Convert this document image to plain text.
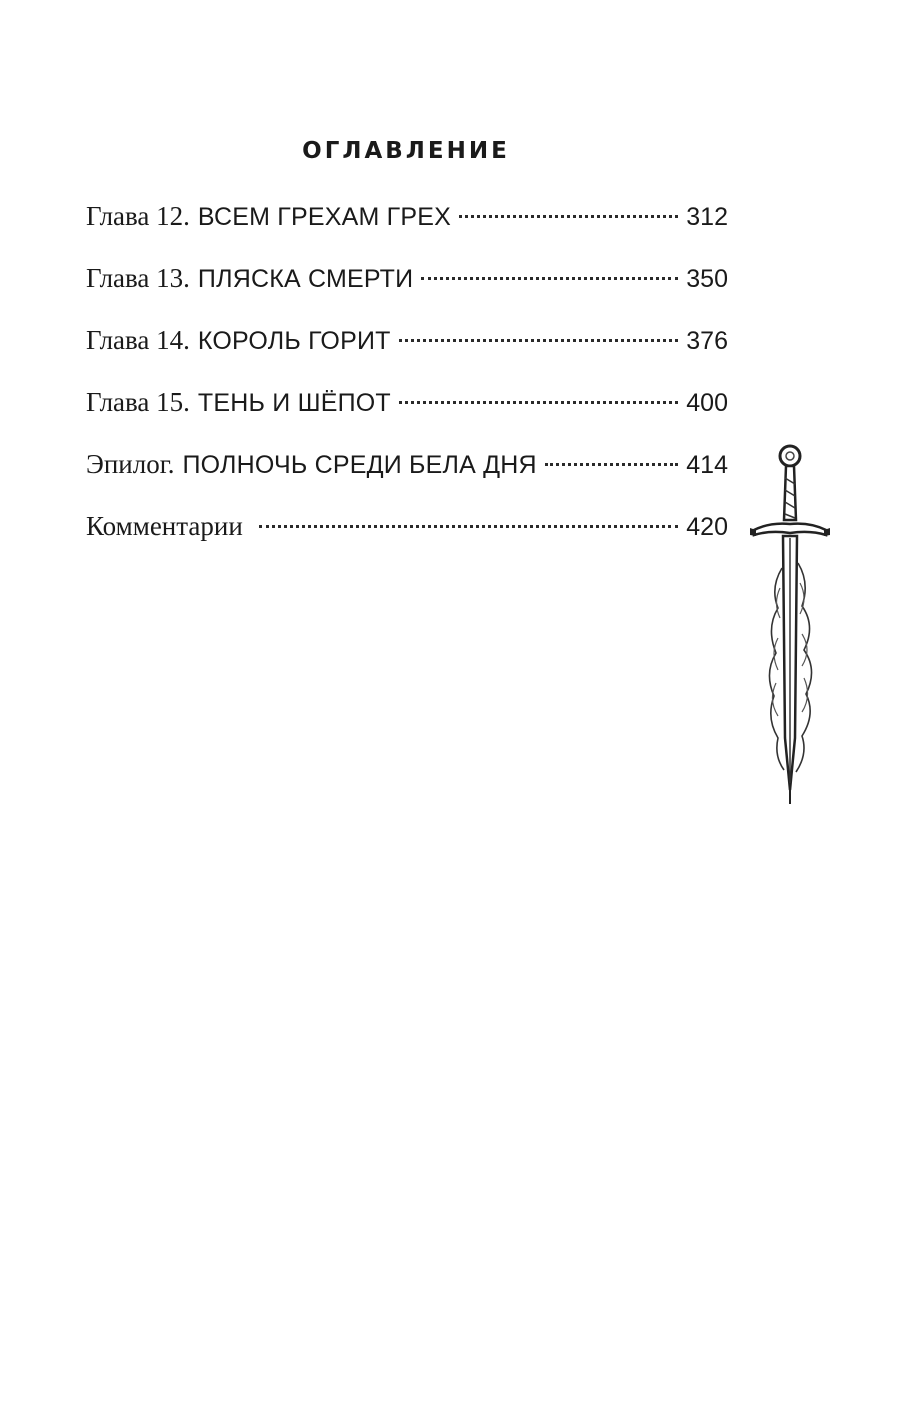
ОГЛАВЛЕНИЕ
Глава 12. ВСЕМ ГРЕХАМ ГРЕХ	312
Глава 13. ПЛЯСКА СМЕРТИ	350
Глава 14. КОРОЛЬ ГОРИТ	376
Глава 15. ТЕНЬ И ШЁПОТ	400
Эпилог. ПОЛНОЧЬ СРЕДИ БЕЛА ДНЯ	414
Комментарии	420
